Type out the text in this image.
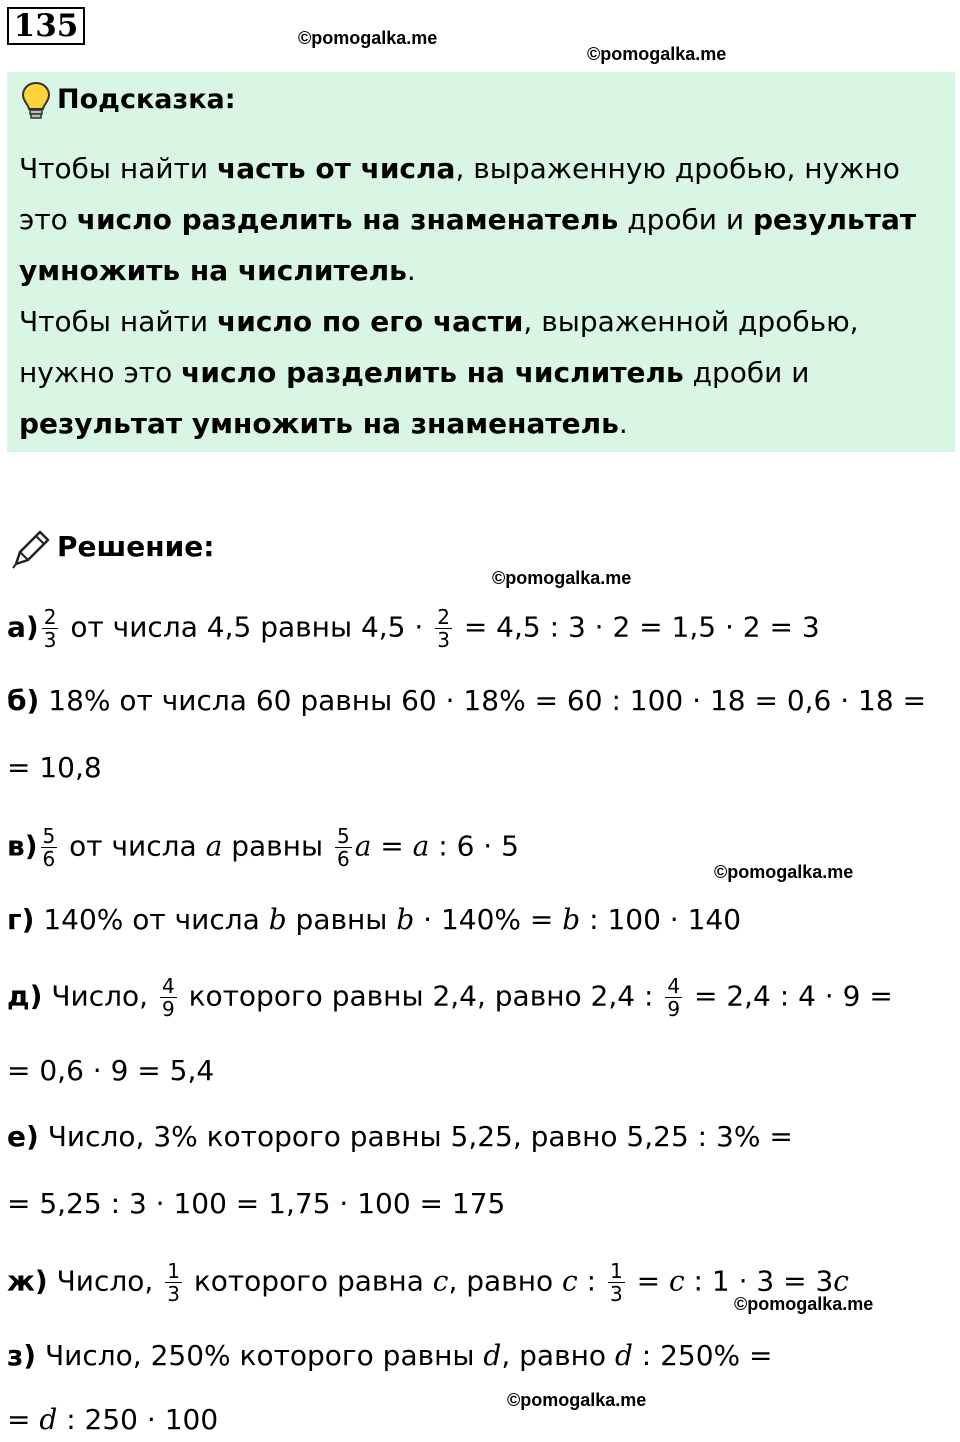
135	©pomogalka.me
©pomogalka.me
Подсказка:
Чтобы найти часть от числа, выраженную дробью, нужно
это число разделить на знаменатель дроби и результат
умножить на числитель.
Чтобы найти число по его части, выраженной дробью,
нужно это число разделить на числитель дроби и
результат умножить на знаменатель.
Решение:
©pomogalka.me
$а) \frac{2}{3}$ от числа 4,5 равны $4,5 \cdot \frac{2}{3} = 4,5$ : 3 · 2 = 1,5 · 2 = 3
б) 18% от числа 60 равны 60 · 18% = 60 : 100 · 18 = 0,6 · 18 =
= 10,8
$в) \frac{5}{6}$ от числа a равны $\frac{5}{6}$ a = a : 6 · 5
©pomogalka.me
г) 140% от числа b равны b · 140% = b : 100 · 140
д) Число, $\frac{4}{9}$ которого равны 2,4, равно 2,4 : $\frac{4}{9} = 2,4$ : 4 · 9 =
= 0,6 · 9 = 5,4
е) Число, 3% которого равны 5,25, равно 5,25 : 3% =
= 5,25 : 3 · 100 = 1,75 · 100 = 175
ж) Число, $\frac{1}{3}$ которого равна c, равно c : $\frac{1}{3} = c$ : 1 · 3 = 3c
©pomogalka.me
з) Число, 250% которого равны d, равно d : 250% =
©pomogalka.me
= d : 250 · 100
